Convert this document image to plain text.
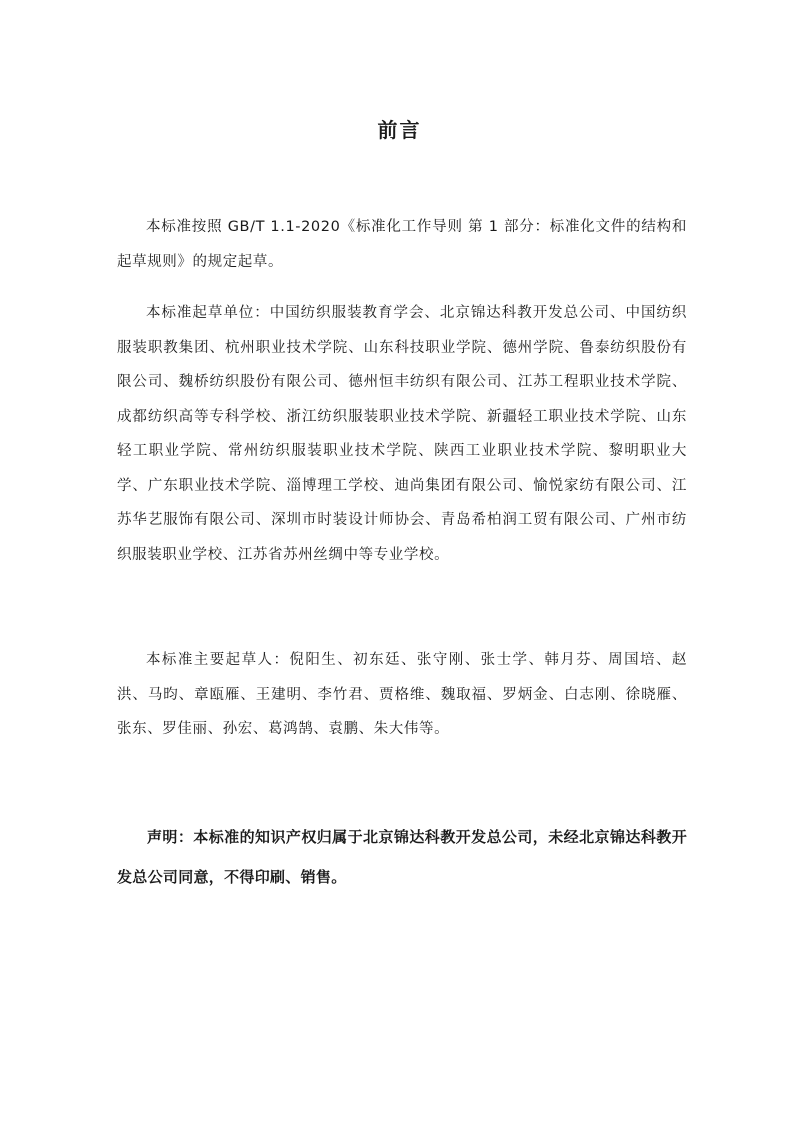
前言

本标准按照 GB/T 1.1-2020《标准化工作导则 第 1 部分：标准化文件的结构和起草规则》的规定起草。

本标准起草单位：中国纺织服装教育学会、北京锦达科教开发总公司、中国纺织服装职教集团、杭州职业技术学院、山东科技职业学院、德州学院、鲁泰纺织股份有限公司、魏桥纺织股份有限公司、德州恒丰纺织有限公司、江苏工程职业技术学院、成都纺织高等专科学校、浙江纺织服装职业技术学院、新疆轻工职业技术学院、山东轻工职业学院、常州纺织服装职业技术学院、陕西工业职业技术学院、黎明职业大学、广东职业技术学院、淄博理工学校、迪尚集团有限公司、愉悦家纺有限公司、江苏华艺服饰有限公司、深圳市时装设计师协会、青岛希柏润工贸有限公司、广州市纺织服装职业学校、江苏省苏州丝绸中等专业学校。

本标准主要起草人：倪阳生、初东廷、张守刚、张士学、韩月芬、周国培、赵洪、马昀、章瓯雁、王建明、李竹君、贾格维、魏取福、罗炳金、白志刚、徐晓雁、张东、罗佳丽、孙宏、葛鸿鹄、袁鹏、朱大伟等。

声明：本标准的知识产权归属于北京锦达科教开发总公司，未经北京锦达科教开发总公司同意，不得印刷、销售。
